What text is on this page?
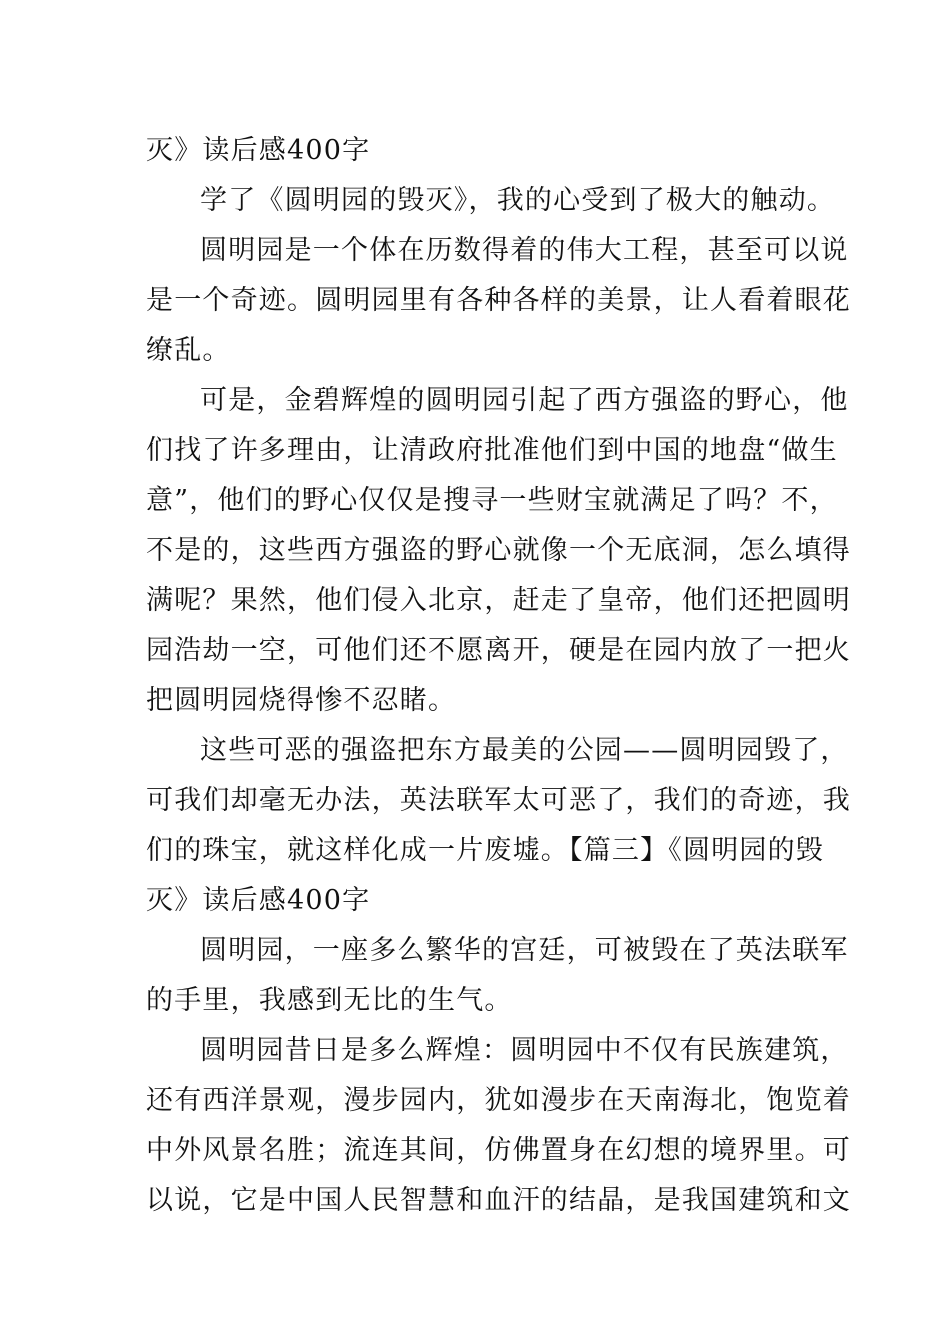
灭》读后感400字
学了《圆明园的毁灭》，我的心受到了极大的触动。
圆明园是一个体在历数得着的伟大工程，甚至可以说
是一个奇迹。圆明园里有各种各样的美景，让人看着眼花
缭乱。
可是，金碧辉煌的圆明园引起了西方强盗的野心，他
们找了许多理由，让清政府批准他们到中国的地盘“做生
意”，他们的野心仅仅是搜寻一些财宝就满足了吗？不，
不是的，这些西方强盗的野心就像一个无底洞，怎么填得
满呢？果然，他们侵入北京，赶走了皇帝，他们还把圆明
园浩劫一空，可他们还不愿离开，硬是在园内放了一把火
把圆明园烧得惨不忍睹。
这些可恶的强盗把东方最美的公园——圆明园毁了，
可我们却毫无办法，英法联军太可恶了，我们的奇迹，我
们的珠宝，就这样化成一片废墟。【篇三】《圆明园的毁
灭》读后感400字
圆明园，一座多么繁华的宫廷，可被毁在了英法联军
的手里，我感到无比的生气。
圆明园昔日是多么辉煌：圆明园中不仅有民族建筑，
还有西洋景观，漫步园内，犹如漫步在天南海北，饱览着
中外风景名胜；流连其间，仿佛置身在幻想的境界里。可
以说，它是中国人民智慧和血汗的结晶，是我国建筑和文
